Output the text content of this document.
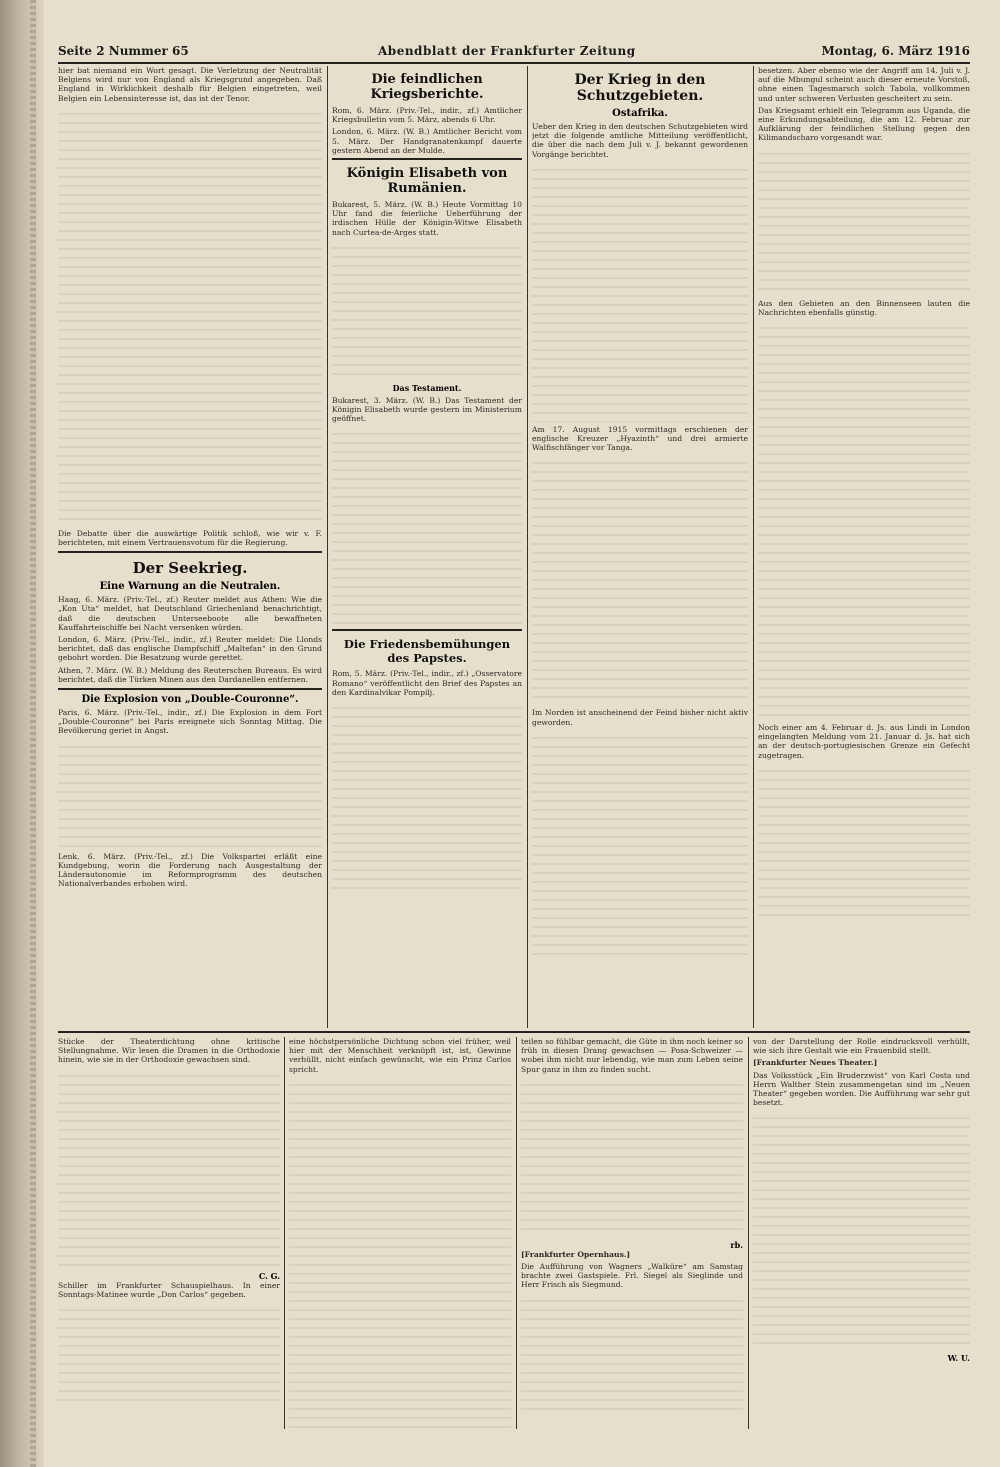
Seite 2 Nummer 65	Abendblatt der Frankfurter Zeitung	Montag, 6. März 1916

hier bat niemand ein Wort gesagt. Die Verletzung der Neutralität Belgiens wird nur von England als Kriegsgrund angegeben. Daß England in Wirklichkeit deshalb für Belgien eingetreten, weil Belgien ein Lebensinteresse ist, das ist der Tenor.

Die Debatte über die auswärtige Politik schloß, wie wir v. F. berichteten, mit einem Vertrauensvotum für die Regierung.

Der Seekrieg.
Eine Warnung an die Neutralen.

Haag, 6. März. (Priv.-Tel., zf.) Reuter meldet aus Athen: Wie die „Kon Uta“ meldet, hat Deutschland Griechenland benachrichtigt, daß die deutschen Unterseeboote alle bewaffneten Kauffahrteischiffe bei Nacht versenken würden.

London, 6. März. (Priv.-Tel., indir., zf.) Reuter meldet: Die Llonds berichtet, daß das englische Dampfschiff „Maltefan“ in den Grund gebohrt worden. Die Besatzung wurde gerettet.

Athen, 7. März. (W. B.) Meldung des Reuterschen Bureaus. Es wird berichtet, daß die Türken Minen aus den Dardanellen entfernen.

Die Explosion von „Double-Couronne“.

Paris, 6. März. (Priv.-Tel., indir., zf.) Die Explosion in dem Fort „Double-Couronne“ bei Paris ereignete sich Sonntag Mittag. Die Bevölkerung geriet in Angst.

Lenk, 6. März. (Priv.-Tel., zf.) Die Volkspartei erläßt eine Kundgebung, worin die Forderung nach Ausgestaltung der Länderautonomie im Reformprogramm des deutschen Nationalverbandes erhoben wird.

Die feindlichen Kriegsberichte.

Rom, 6. März. (Priv.-Tel., indir., zf.) Amtlicher Kriegsbulletin vom 5. März, abends 6 Uhr.

London, 6. März. (W. B.) Amtlicher Bericht vom 5. März. Der Handgranatenkampf dauerte gestern Abend an der Mulde.

Königin Elisabeth von Rumänien.

Bukarest, 5. März. (W. B.) Heute Vormittag 10 Uhr fand die feierliche Ueberführung der irdischen Hülle der Königin-Witwe Elisabeth nach Curtea-de-Arges statt.

Das Testament.

Bukarest, 3. März. (W. B.) Das Testament der Königin Elisabeth wurde gestern im Ministerium geöffnet.

Die Friedensbemühungen des Papstes.

Rom, 5. März. (Priv.-Tel., indir., zf.) „Osservatore Romano“ veröffentlicht den Brief des Papstes an den Kardinalvikar Pompilj.

Der Krieg in den Schutzgebieten.
Ostafrika.

Ueber den Krieg in den deutschen Schutzgebieten wird jetzt die folgende amtliche Mitteilung veröffentlicht, die über die nach dem Juli v. J. bekannt gewordenen Vorgänge berichtet.

Am 17. August 1915 vormittags erschienen der englische Kreuzer „Hyazinth“ und drei armierte Walfischfänger vor Tanga.

Im Norden ist anscheinend der Feind bisher nicht aktiv geworden.

besetzen. Aber ebenso wie der Angriff am 14. Juli v. J. auf die Mbungul scheint auch dieser erneute Vorstoß, ohne einen Tagesmarsch solch Tabola, vollkommen und unter schweren Verlusten gescheitert zu sein.

Das Kriegsamt erhielt ein Telegramm aus Uganda, die eine Erkundungsabteilung, die am 12. Februar zur Aufklärung der feindlichen Stellung gegen den Kilimandscharo vorgesandt war.

Aus den Gebieten an den Binnenseen lauten die Nachrichten ebenfalls günstig.

Noch einer am 4. Februar d. Js. aus Lindi in London eingelangten Meldung vom 21. Januar d. Js. hat sich an der deutsch-portugiesischen Grenze ein Gefecht zugetragen.

Stücke der Theaterdichtung ohne kritische Stellungnahme. Wir lesen die Dramen in die Orthodoxie hinein, wie sie in der Orthodoxie gewachsen sind.

C. G.

Schiller im Frankfurter Schauspielhaus. In einer Sonntags-Matinee wurde „Don Carlos“ gegeben.

eine höchstpersönliche Dichtung schon viel früher, weil hier mit der Menschheit verknüpft ist, ist, Gewinne verhüllt, nicht einfach gewünscht, wie ein Prinz Carlos spricht.

teilen so fühlbar gemacht, die Güte in ihm noch keiner so früh in diesen Drang gewachsen — Posa-Schweizer — wobei ihm nicht nur lebendig, wie man zum Leben seine Spur ganz in ihm zu finden sucht.

rb.

[Frankfurter Opernhaus.]

Die Aufführung von Wagners „Walküre“ am Samstag brachte zwei Gastspiele. Frl. Siegel als Sieglinde und Herr Frisch als Siegmund.

von der Darstellung der Rolle eindrucksvoll verhüllt, wie sich ihre Gestalt wie ein Frauenbild stellt.

[Frankfurter Neues Theater.]

Das Volksstück „Ein Bruderzwist“ von Karl Costa und Herrn Walther Stein zusammengetan sind im „Neuen Theater“ gegeben worden. Die Aufführung war sehr gut besetzt.

W. U.
